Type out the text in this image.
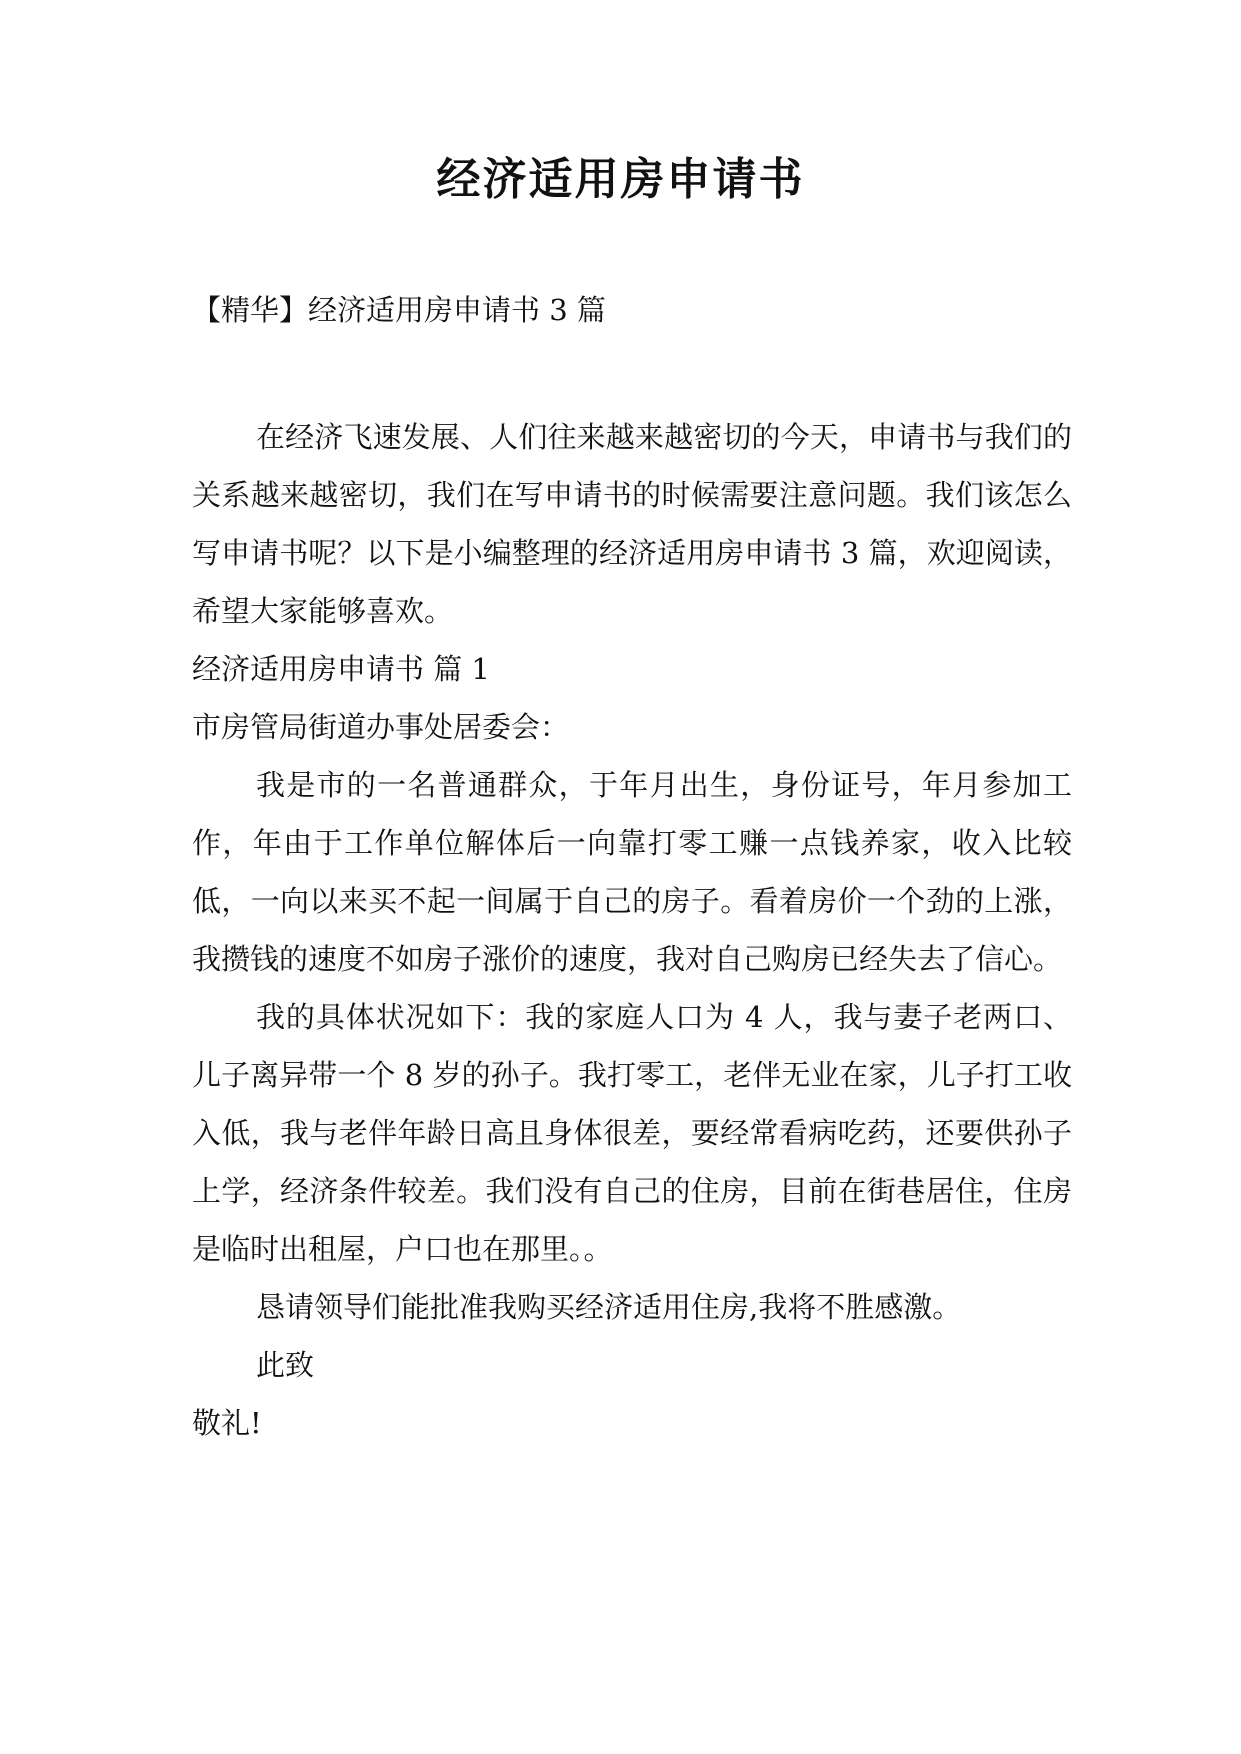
经济适用房申请书
【精华】经济适用房申请书 3 篇

在经济飞速发展、人们往来越来越密切的今天，申请书与我们的关系越来越密切，我们在写申请书的时候需要注意问题。我们该怎么写申请书呢？以下是小编整理的经济适用房申请书 3 篇，欢迎阅读，希望大家能够喜欢。

经济适用房申请书 篇 1

市房管局街道办事处居委会：

我是市的一名普通群众，于年月出生，身份证号，年月参加工作，年由于工作单位解体后一向靠打零工赚一点钱养家，收入比较低，一向以来买不起一间属于自己的房子。看着房价一个劲的上涨，我攒钱的速度不如房子涨价的速度，我对自己购房已经失去了信心。

我的具体状况如下：我的家庭人口为 4 人，我与妻子老两口、儿子离异带一个 8 岁的孙子。我打零工，老伴无业在家，儿子打工收入低，我与老伴年龄日高且身体很差，要经常看病吃药，还要供孙子上学，经济条件较差。我们没有自己的住房，目前在街巷居住，住房是临时出租屋，户口也在那里。。

恳请领导们能批准我购买经济适用住房,我将不胜感激。

此致

敬礼!
